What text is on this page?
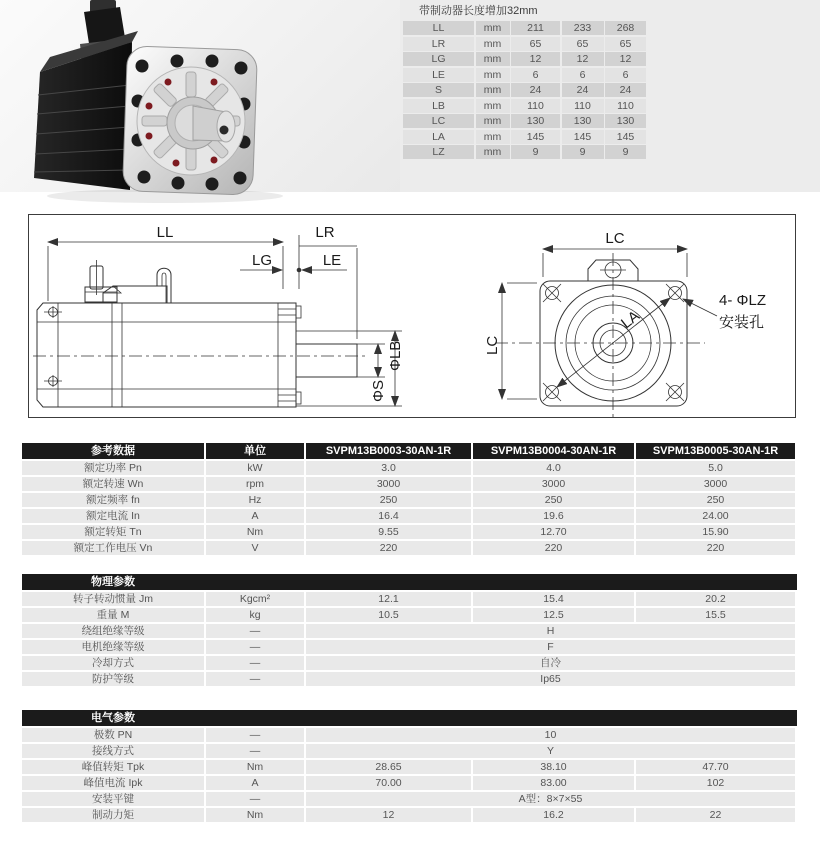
带制动器长度增加32mm
LL	mm	211	233	268
LR	mm	65	65	65
LG	mm	12	12	12
LE	mm	6	6	6
S	mm	24	24	24
LB	mm	110	110	110
LC	mm	130	130	130
LA	mm	145	145	145
LZ	mm	9	9	9
LL	LR
LG	LE
ΦS
ΦLB
LC
LC
LA
4- ΦLZ
安装孔
参考数据	单位	SVPM13B0003-30AN-1R	SVPM13B0004-30AN-1R	SVPM13B0005-30AN-1R
额定功率 Pn	kW	3.0	4.0	5.0
额定转速 Wn	rpm	3000	3000	3000
额定频率 fn	Hz	250	250	250
额定电流 In	A	16.4	19.6	24.00
额定转矩 Tn	Nm	9.55	12.70	15.90
额定工作电压 Vn	V	220	220	220
物理参数
转子转动惯量 Jm	Kgcm²	12.1	15.4	20.2
重量 M	kg	10.5	12.5	15.5
绕组绝缘等级	—	H
电机绝缘等级	—	F
冷却方式	—	自冷
防护等级	—	Ip65
电气参数
极数 PN	—	10
接线方式	—	Y
峰值转矩 Tpk	Nm	28.65	38.10	47.70
峰值电流 Ipk	A	70.00	83.00	102
安装平键	—	A型：8×7×55
制动力矩	Nm	12	16.2	22
